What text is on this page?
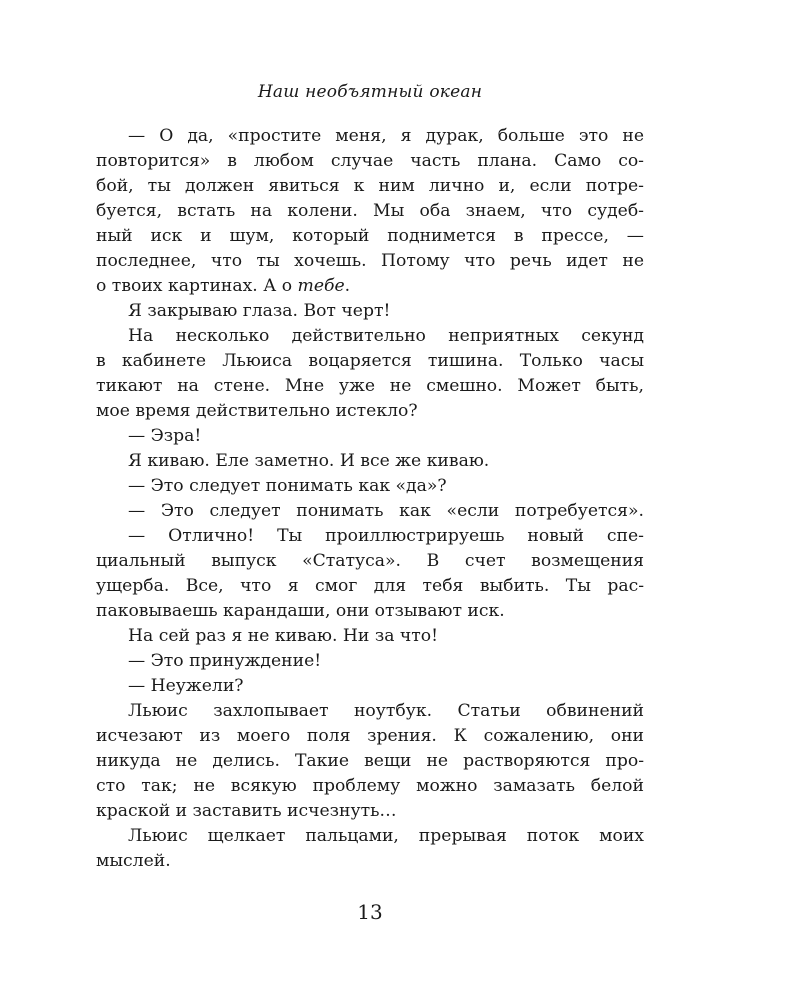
Наш необъятный океан
— О да, «простите меня, я дурак, больше это не
повторится» в любом случае часть плана. Само со-
бой, ты должен явиться к ним лично и, если потре-
буется, встать на колени. Мы оба знаем, что судеб-
ный иск и шум, который поднимется в прессе, —
последнее, что ты хочешь. Потому что речь идет не
о твоих картинах. А о тебе.
Я закрываю глаза. Вот черт!
На несколько действительно неприятных секунд
в кабинете Льюиса воцаряется тишина. Только часы
тикают на стене. Мне уже не смешно. Может быть,
мое время действительно истекло?
— Эзра!
Я киваю. Еле заметно. И все же киваю.
— Это следует понимать как «да»?
— Это следует понимать как «если потребуется».
— Отлично! Ты проиллюстрируешь новый спе-
циальный выпуск «Статуса». В счет возмещения
ущерба. Все, что я смог для тебя выбить. Ты рас-
паковываешь карандаши, они отзывают иск.
На сей раз я не киваю. Ни за что!
— Это принуждение!
— Неужели?
Льюис захлопывает ноутбук. Статьи обвинений
исчезают из моего поля зрения. К сожалению, они
никуда не делись. Такие вещи не растворяются про-
сто так; не всякую проблему можно замазать белой
краской и заставить исчезнуть…
Льюис щелкает пальцами, прерывая поток моих
мыслей.
13
